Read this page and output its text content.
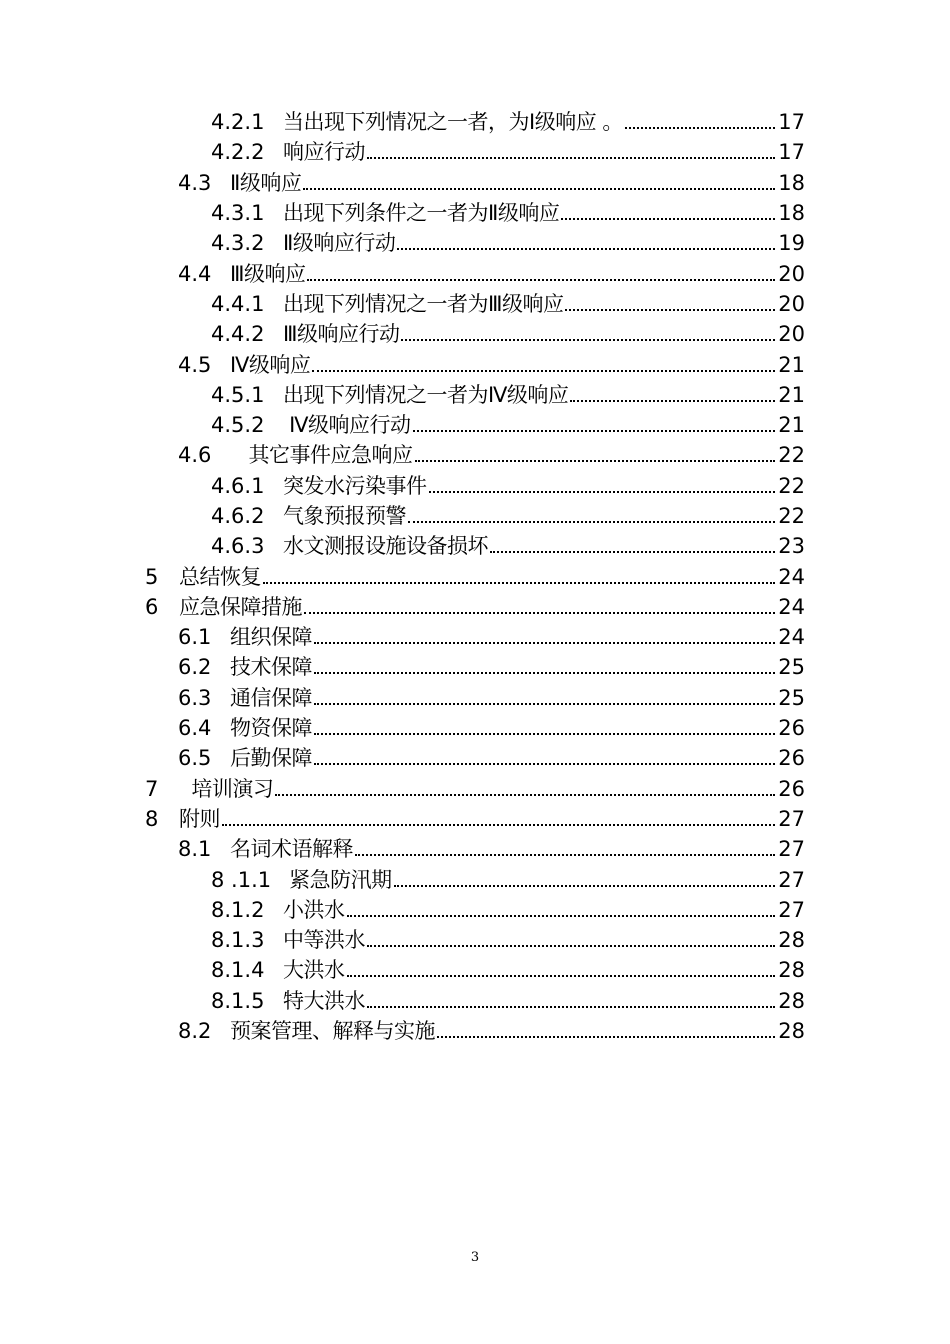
4.2.1 当出现下列情况之一者，为Ⅰ级响应 。	17
4.2.2 响应行动	17
4.3 Ⅱ级响应	18
4.3.1 出现下列条件之一者为Ⅱ级响应	18
4.3.2 Ⅱ级响应行动	19
4.4 Ⅲ级响应	20
4.4.1 出现下列情况之一者为Ⅲ级响应	20
4.4.2 Ⅲ级响应行动	20
4.5 Ⅳ级响应	21
4.5.1 出现下列情况之一者为Ⅳ级响应	21
4.5.2 Ⅳ级响应行动	21
4.6 其它事件应急响应	22
4.6.1 突发水污染事件	22
4.6.2 气象预报预警	22
4.6.3 水文测报设施设备损坏	23
5 总结恢复	24
6 应急保障措施	24
6.1 组织保障	24
6.2 技术保障	25
6.3 通信保障	25
6.4 物资保障	26
6.5 后勤保障	26
7 培训演习	26
8 附则	27
8.1 名词术语解释	27
8 .1.1 紧急防汛期	27
8.1.2 小洪水	27
8.1.3 中等洪水	28
8.1.4 大洪水	28
8.1.5 特大洪水	28
8.2 预案管理、解释与实施	28
3
